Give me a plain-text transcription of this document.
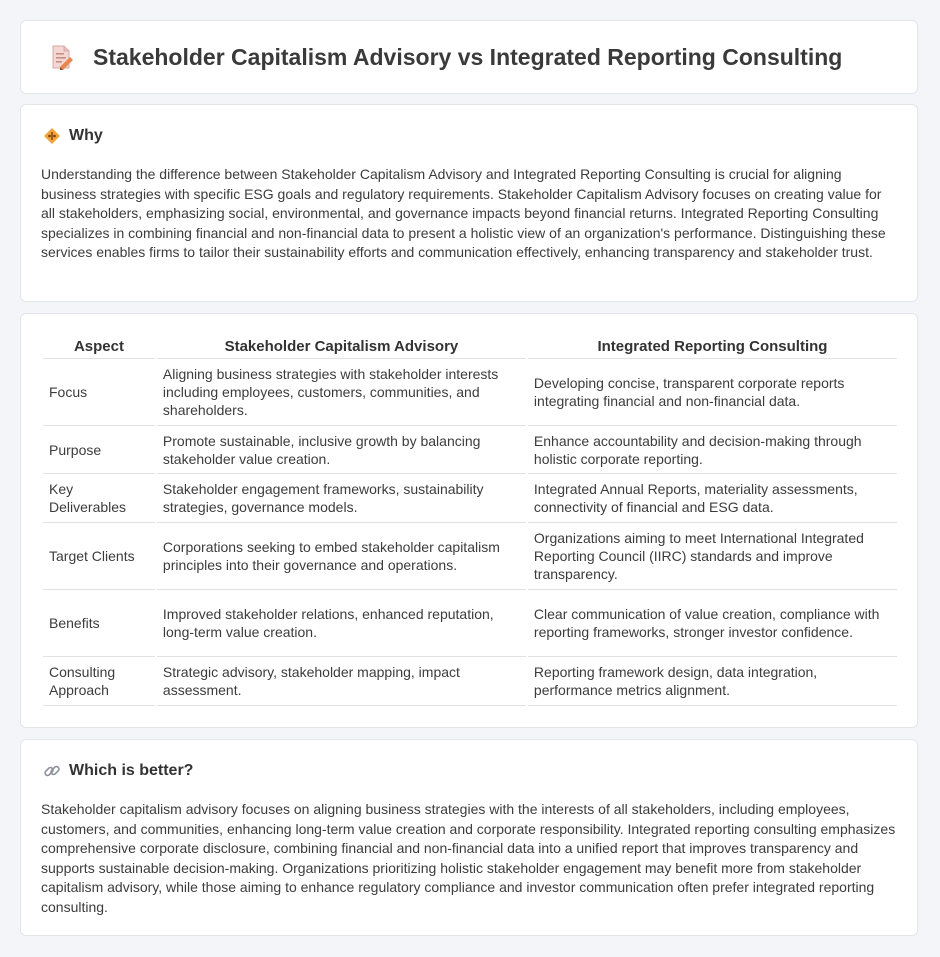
Stakeholder Capitalism Advisory vs Integrated Reporting Consulting
Why

Understanding the difference between Stakeholder Capitalism Advisory and Integrated Reporting Consulting is crucial for aligning business strategies with specific ESG goals and regulatory requirements. Stakeholder Capitalism Advisory focuses on creating value for all stakeholders, emphasizing social, environmental, and governance impacts beyond financial returns. Integrated Reporting Consulting specializes in combining financial and non-financial data to present a holistic view of an organization's performance. Distinguishing these services enables firms to tailor their sustainability efforts and communication effectively, enhancing transparency and stakeholder trust.

Aspect	Stakeholder Capitalism Advisory	Integrated Reporting Consulting
Focus	Aligning business strategies with stakeholder interests including employees, customers, communities, and shareholders.	Developing concise, transparent corporate reports integrating financial and non-financial data.
Purpose	Promote sustainable, inclusive growth by balancing stakeholder value creation.	Enhance accountability and decision-making through holistic corporate reporting.
Key Deliverables	Stakeholder engagement frameworks, sustainability strategies, governance models.	Integrated Annual Reports, materiality assessments, connectivity of financial and ESG data.
Target Clients	Corporations seeking to embed stakeholder capitalism principles into their governance and operations.	Organizations aiming to meet International Integrated Reporting Council (IIRC) standards and improve transparency.
Benefits	Improved stakeholder relations, enhanced reputation, long-term value creation.	Clear communication of value creation, compliance with reporting frameworks, stronger investor confidence.
Consulting Approach	Strategic advisory, stakeholder mapping, impact assessment.	Reporting framework design, data integration, performance metrics alignment.
Which is better?

Stakeholder capitalism advisory focuses on aligning business strategies with the interests of all stakeholders, including employees, customers, and communities, enhancing long-term value creation and corporate responsibility. Integrated reporting consulting emphasizes comprehensive corporate disclosure, combining financial and non-financial data into a unified report that improves transparency and supports sustainable decision-making. Organizations prioritizing holistic stakeholder engagement may benefit more from stakeholder capitalism advisory, while those aiming to enhance regulatory compliance and investor communication often prefer integrated reporting consulting.
